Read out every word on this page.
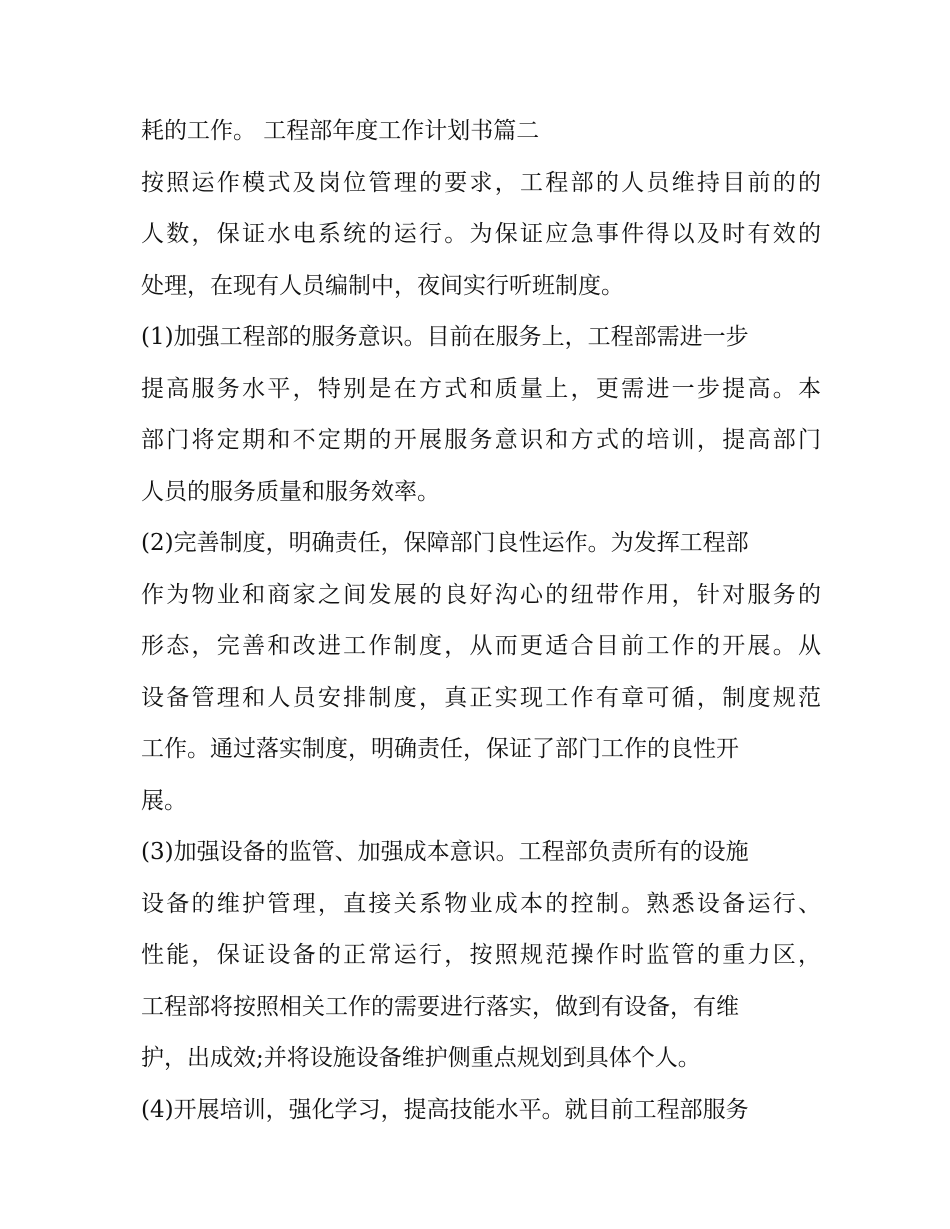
耗的工作。 工程部年度工作计划书篇二
按照运作模式及岗位管理的要求，工程部的人员维持目前的的
人数，保证水电系统的运行。为保证应急事件得以及时有效的
处理，在现有人员编制中，夜间实行听班制度。
(1)加强工程部的服务意识。目前在服务上，工程部需进一步
提高服务水平，特别是在方式和质量上，更需进一步提高。本
部门将定期和不定期的开展服务意识和方式的培训，提高部门
人员的服务质量和服务效率。
(2)完善制度，明确责任，保障部门良性运作。为发挥工程部
作为物业和商家之间发展的良好沟心的纽带作用，针对服务的
形态，完善和改进工作制度，从而更适合目前工作的开展。从
设备管理和人员安排制度，真正实现工作有章可循，制度规范
工作。通过落实制度，明确责任，保证了部门工作的良性开
展。
(3)加强设备的监管、加强成本意识。工程部负责所有的设施
设备的维护管理，直接关系物业成本的控制。熟悉设备运行、
性能，保证设备的正常运行，按照规范操作时监管的重力区，
工程部将按照相关工作的需要进行落实，做到有设备，有维
护，出成效;并将设施设备维护侧重点规划到具体个人。
(4)开展培训，强化学习，提高技能水平。就目前工程部服务
